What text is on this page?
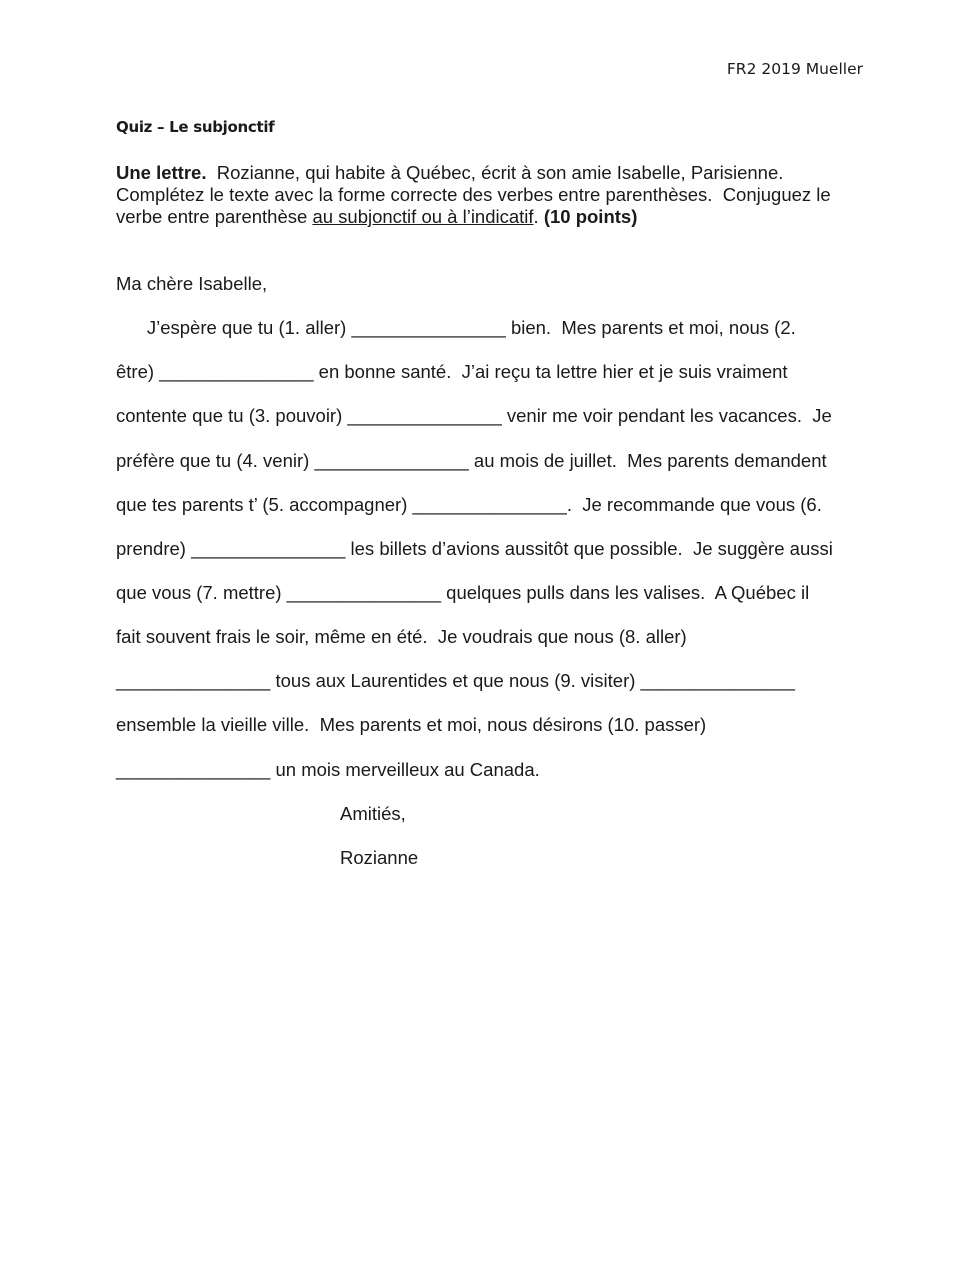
FR2 2019 Mueller
Quiz – Le subjonctif
Une lettre.  Rozianne, qui habite à Québec, écrit à son amie Isabelle, Parisienne.
Complétez le texte avec la forme correcte des verbes entre parenthèses.  Conjuguez le
verbe entre parenthèse au subjonctif ou à l’indicatif. (10 points)
Ma chère Isabelle,
J’espère que tu (1. aller) _______________ bien.  Mes parents et moi, nous (2.
être) _______________ en bonne santé.  J’ai reçu ta lettre hier et je suis vraiment
contente que tu (3. pouvoir) _______________ venir me voir pendant les vacances.  Je
préfère que tu (4. venir) _______________ au mois de juillet.  Mes parents demandent
que tes parents t’ (5. accompagner) _______________.  Je recommande que vous (6.
prendre) _______________ les billets d’avions aussitôt que possible.  Je suggère aussi
que vous (7. mettre) _______________ quelques pulls dans les valises.  A Québec il
fait souvent frais le soir, même en été.  Je voudrais que nous (8. aller)
_______________ tous aux Laurentides et que nous (9. visiter) _______________
ensemble la vieille ville.  Mes parents et moi, nous désirons (10. passer)
_______________ un mois merveilleux au Canada.
Amitiés,
Rozianne
